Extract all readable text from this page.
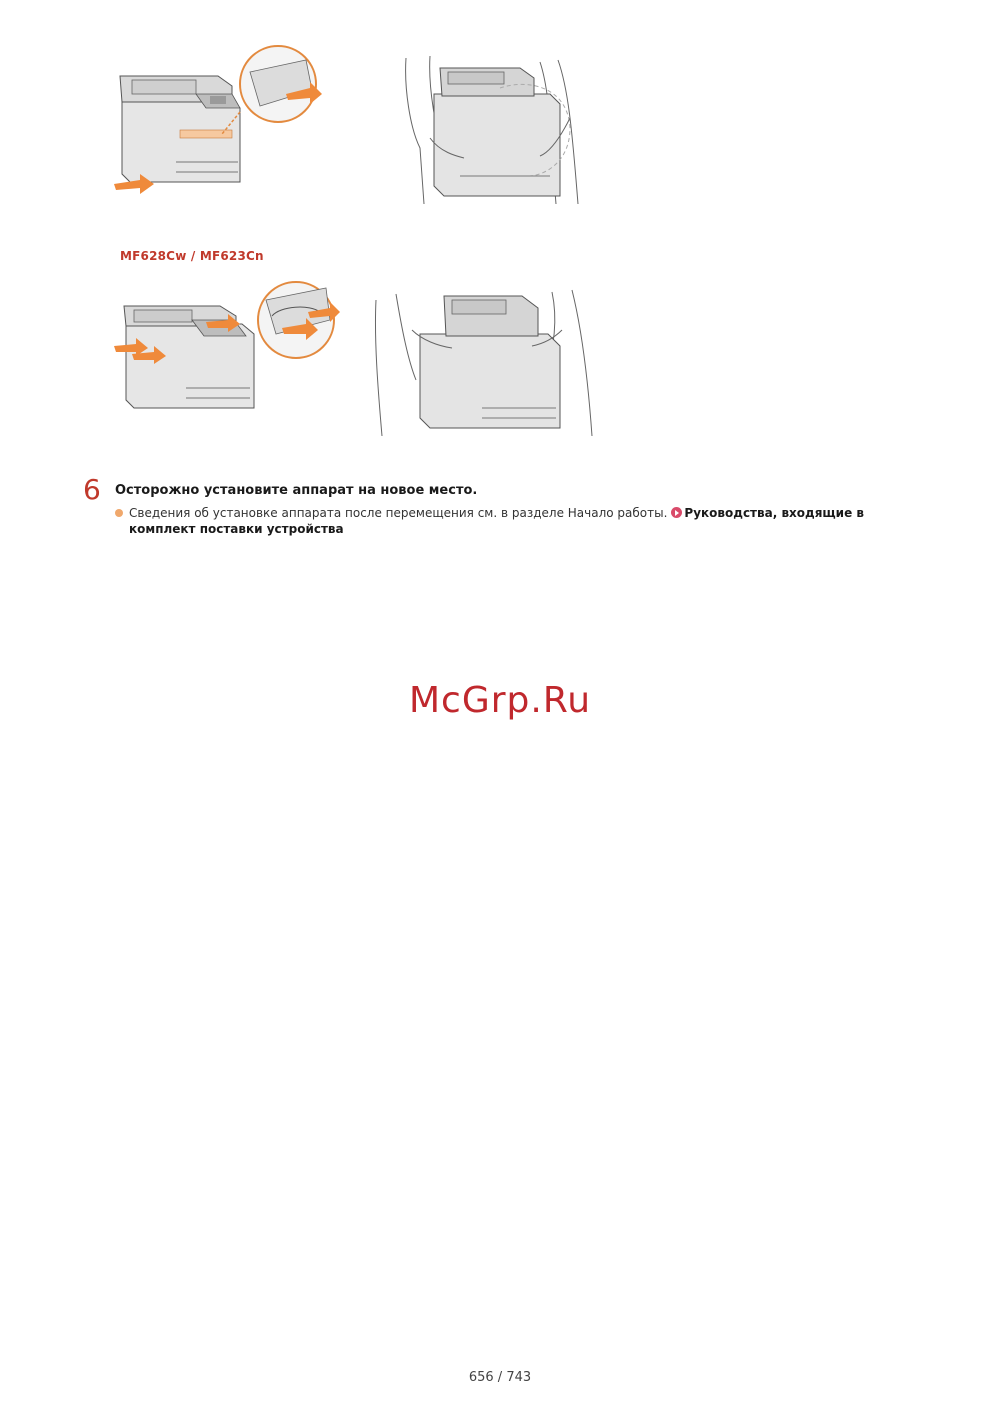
MF628Cw / MF623Cn
6 Осторожно установите аппарат на новое место.
Сведения об установке аппарата после перемещения см. в разделе Начало работы. Руководства, входящие в
комплект поставки устройства
McGrp.Ru
656 / 743
